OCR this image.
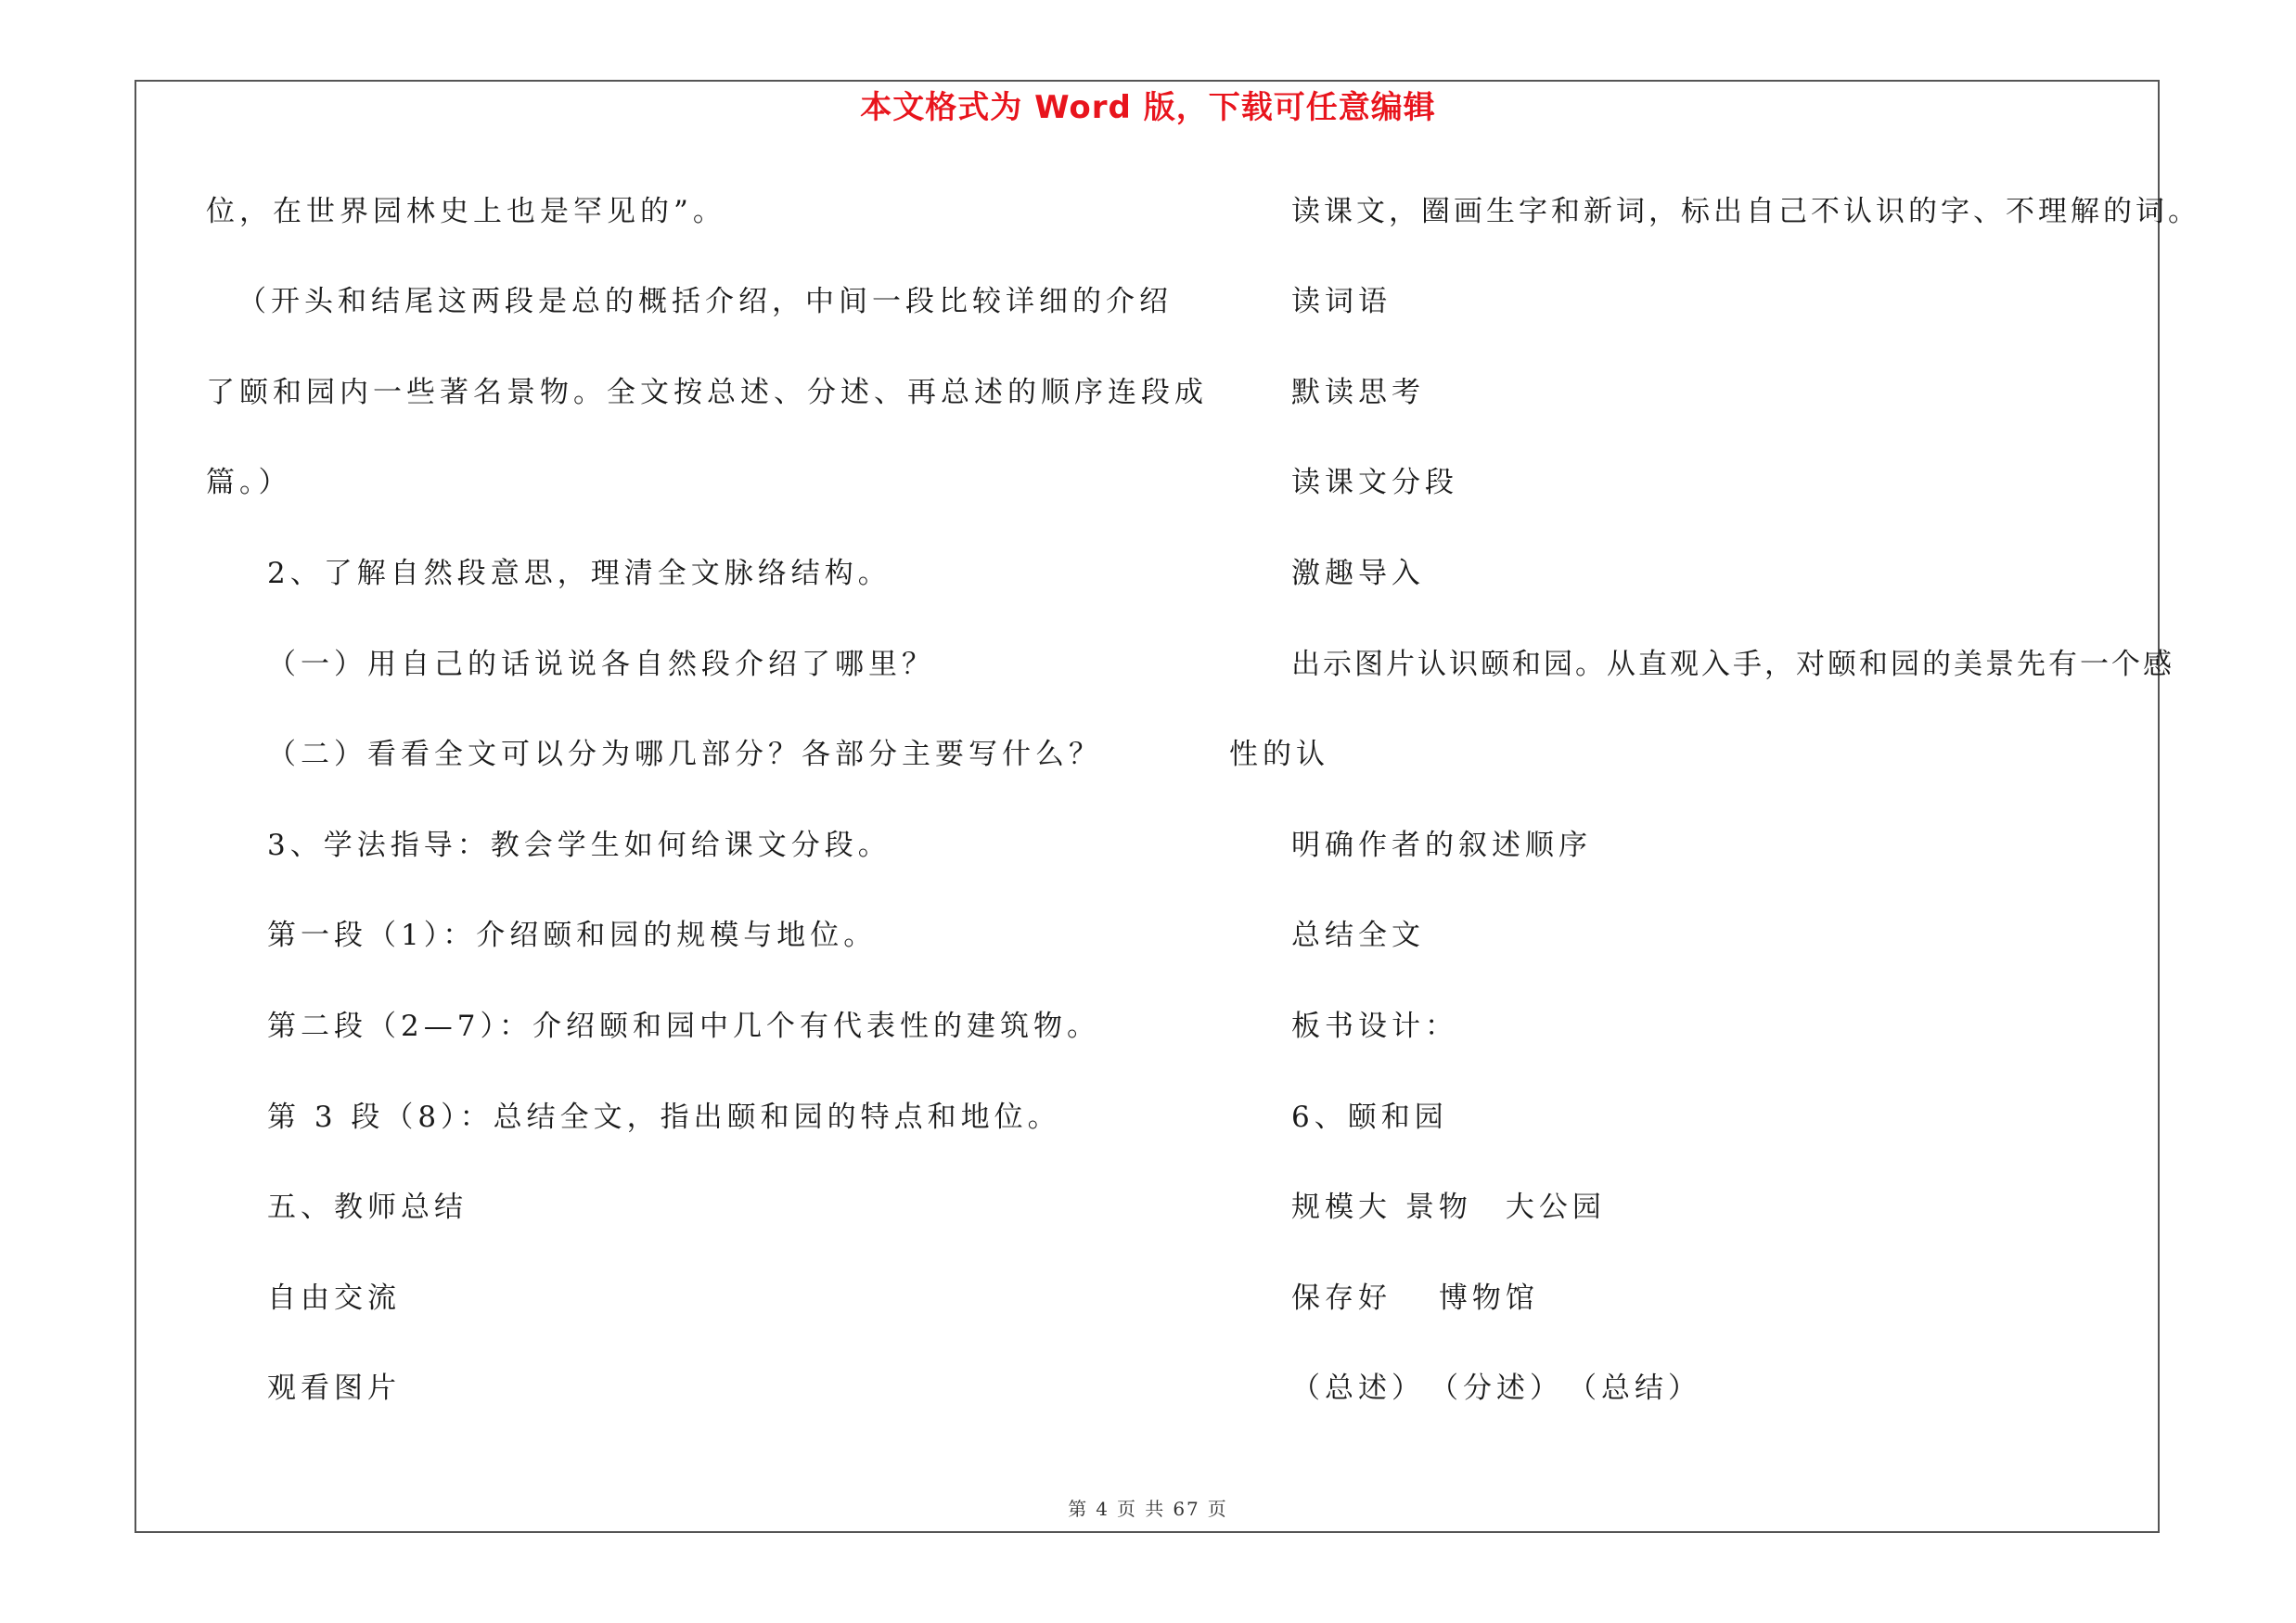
本文格式为 Word 版，下载可任意编辑
位，在世界园林史上也是罕见的”。
（开头和结尾这两段是总的概括介绍，中间一段比较详细的介绍
了颐和园内一些著名景物。全文按总述、分述、再总述的顺序连段成
篇。）
2、了解自然段意思，理清全文脉络结构。
（一）用自己的话说说各自然段介绍了哪里？
（二）看看全文可以分为哪几部分？各部分主要写什么？
3、学法指导：教会学生如何给课文分段。
第一段（1）：介绍颐和园的规模与地位。
第二段（2—7）：介绍颐和园中几个有代表性的建筑物。
第 3 段（8）：总结全文，指出颐和园的特点和地位。
五、教师总结
自由交流
观看图片
读课文，圈画生字和新词，标出自己不认识的字、不理解的词。
读词语
默读思考
读课文分段
激趣导入
出示图片认识颐和园。从直观入手，对颐和园的美景先有一个感
性的认
明确作者的叙述顺序
总结全文
板书设计：
6、颐和园
规模大 景物　大公园
保存好　 博物馆
（总述）　（分述）　（总结）
第 4 页 共 67 页
